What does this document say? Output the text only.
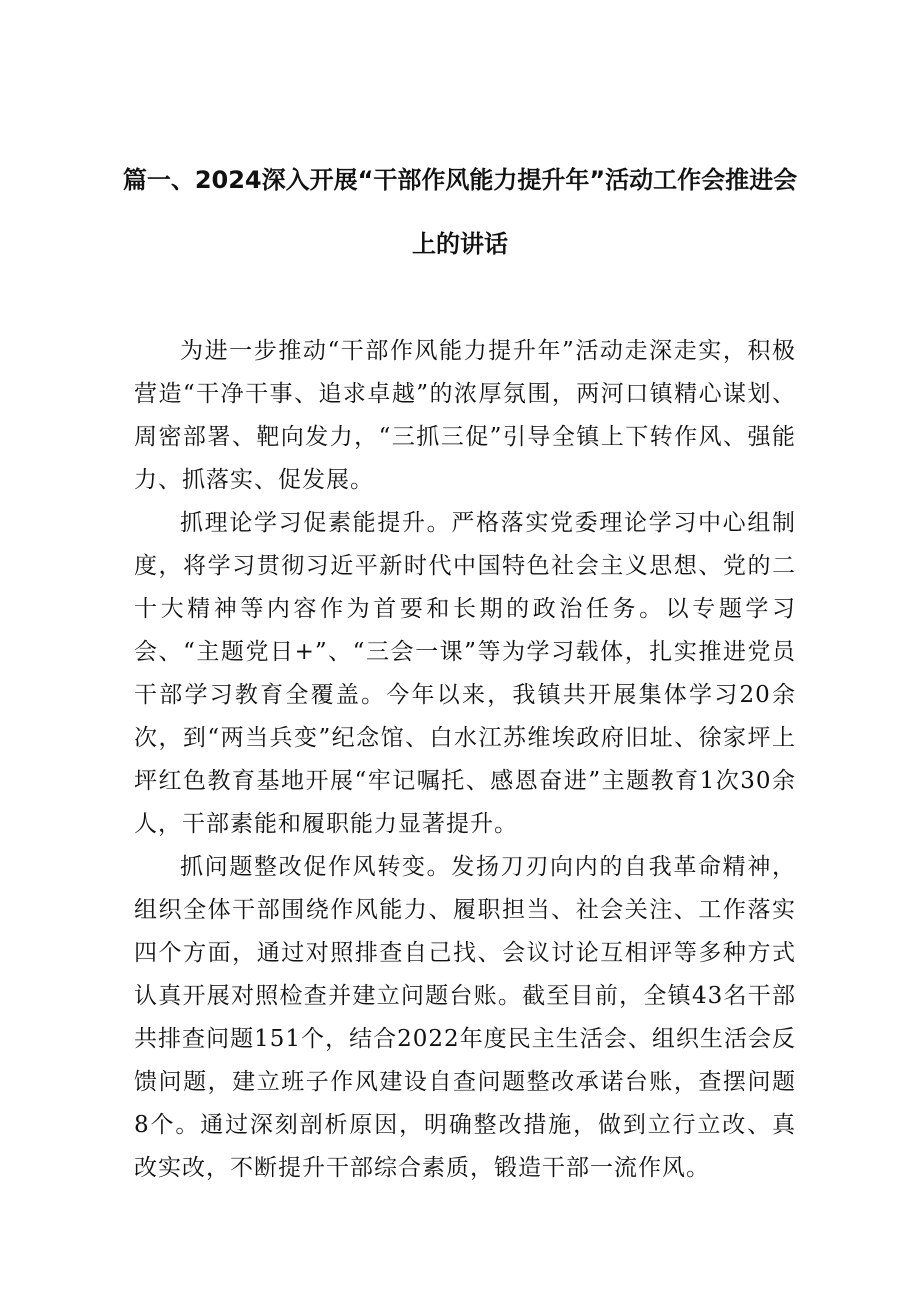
篇一、2024深入开展“干部作风能力提升年”活动工作会推进会
上的讲话

为进一步推动“干部作风能力提升年”活动走深走实，积极营造“干净干事、追求卓越”的浓厚氛围，两河口镇精心谋划、周密部署、靶向发力，“三抓三促”引导全镇上下转作风、强能力、抓落实、促发展。

抓理论学习促素能提升。严格落实党委理论学习中心组制度，将学习贯彻习近平新时代中国特色社会主义思想、党的二十大精神等内容作为首要和长期的政治任务。以专题学习会、“主题党日+”、“三会一课”等为学习载体，扎实推进党员干部学习教育全覆盖。今年以来，我镇共开展集体学习20余次，到“两当兵变”纪念馆、白水江苏维埃政府旧址、徐家坪上坪红色教育基地开展“牢记嘱托、感恩奋进”主题教育1次30余人，干部素能和履职能力显著提升。

抓问题整改促作风转变。发扬刀刃向内的自我革命精神，组织全体干部围绕作风能力、履职担当、社会关注、工作落实四个方面，通过对照排查自己找、会议讨论互相评等多种方式认真开展对照检查并建立问题台账。截至目前，全镇43名干部共排查问题151个，结合2022年度民主生活会、组织生活会反馈问题，建立班子作风建设自查问题整改承诺台账，查摆问题8个。通过深刻剖析原因，明确整改措施，做到立行立改、真改实改，不断提升干部综合素质，锻造干部一流作风。
